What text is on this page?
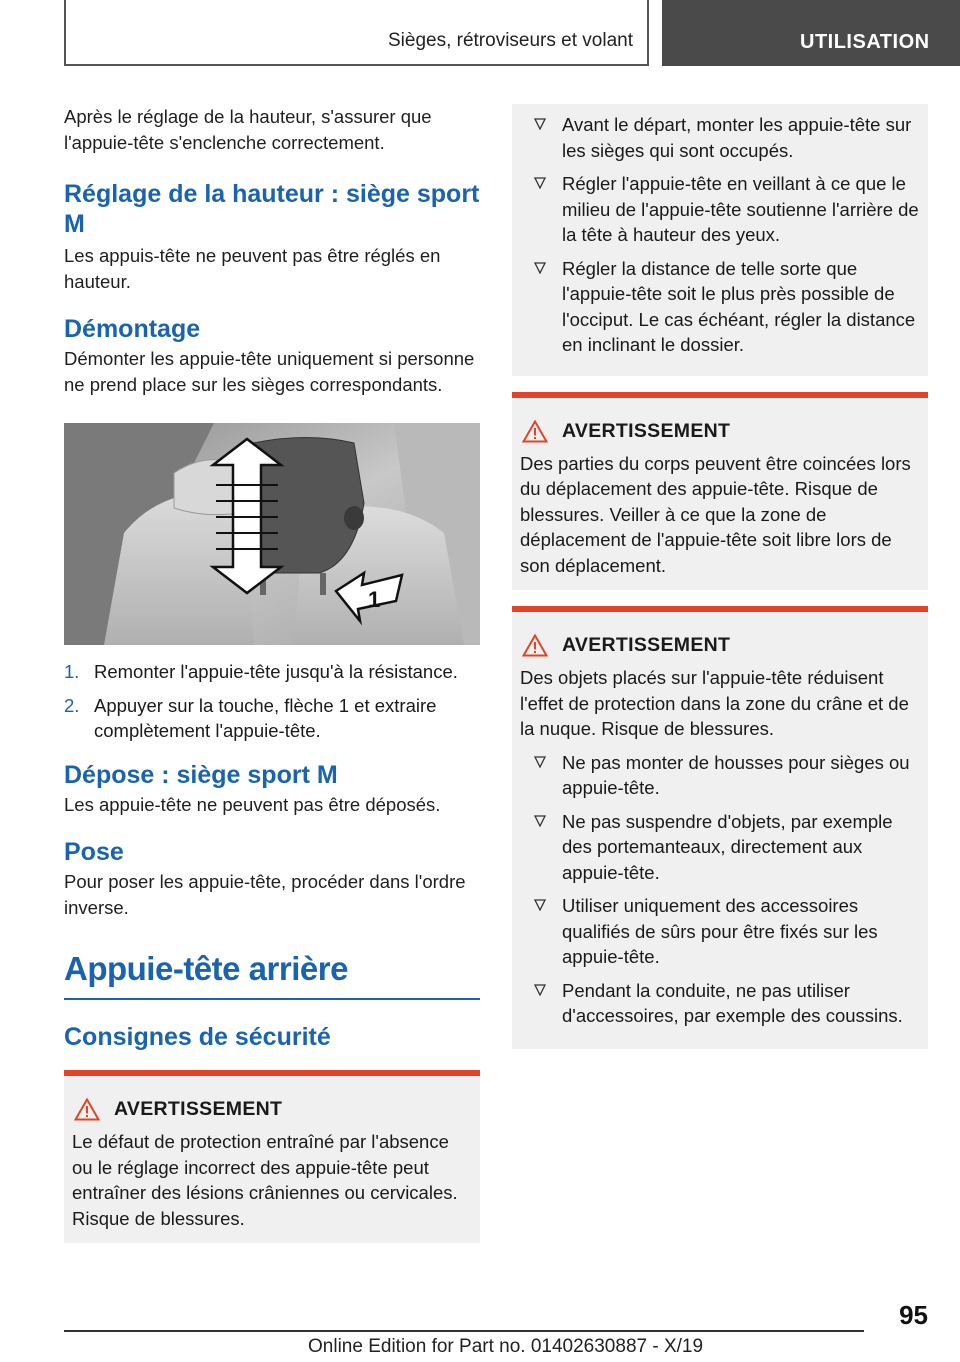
Sièges, rétroviseurs et volant	UTILISATION

Après le réglage de la hauteur, s'assurer que l'appuie-tête s'enclenche correctement.

Réglage de la hauteur : siège sport M

Les appuis-tête ne peuvent pas être réglés en hauteur.

Démontage

Démonter les appuie-tête uniquement si personne ne prend place sur les sièges correspondants.

1
1. Remonter l'appuie-tête jusqu'à la résistance.
2. Appuyer sur la touche, flèche 1 et extraire complètement l'appuie-tête.
Dépose : siège sport M

Les appuie-tête ne peuvent pas être déposés.

Pose

Pour poser les appuie-tête, procéder dans l'ordre inverse.

Appuie-tête arrière
Consignes de sécurité
AVERTISSEMENT

Le défaut de protection entraîné par l'absence ou le réglage incorrect des appuie-tête peut entraîner des lésions crâniennes ou cervicales. Risque de blessures.

Avant le départ, monter les appuie-tête sur les sièges qui sont occupés.
Régler l'appuie-tête en veillant à ce que le milieu de l'appuie-tête soutienne l'arrière de la tête à hauteur des yeux.
Régler la distance de telle sorte que l'appuie-tête soit le plus près possible de l'occiput. Le cas échéant, régler la distance en inclinant le dossier.
AVERTISSEMENT

Des parties du corps peuvent être coincées lors du déplacement des appuie-tête. Risque de blessures. Veiller à ce que la zone de déplacement de l'appuie-tête soit libre lors de son déplacement.

AVERTISSEMENT

Des objets placés sur l'appuie-tête réduisent l'effet de protection dans la zone du crâne et de la nuque. Risque de blessures.

Ne pas monter de housses pour sièges ou appuie-tête.
Ne pas suspendre d'objets, par exemple des portemanteaux, directement aux appuie-tête.
Utiliser uniquement des accessoires qualifiés de sûrs pour être fixés sur les appuie-tête.
Pendant la conduite, ne pas utiliser d'accessoires, par exemple des coussins.
95
Online Edition for Part no. 01402630887 - X/19
